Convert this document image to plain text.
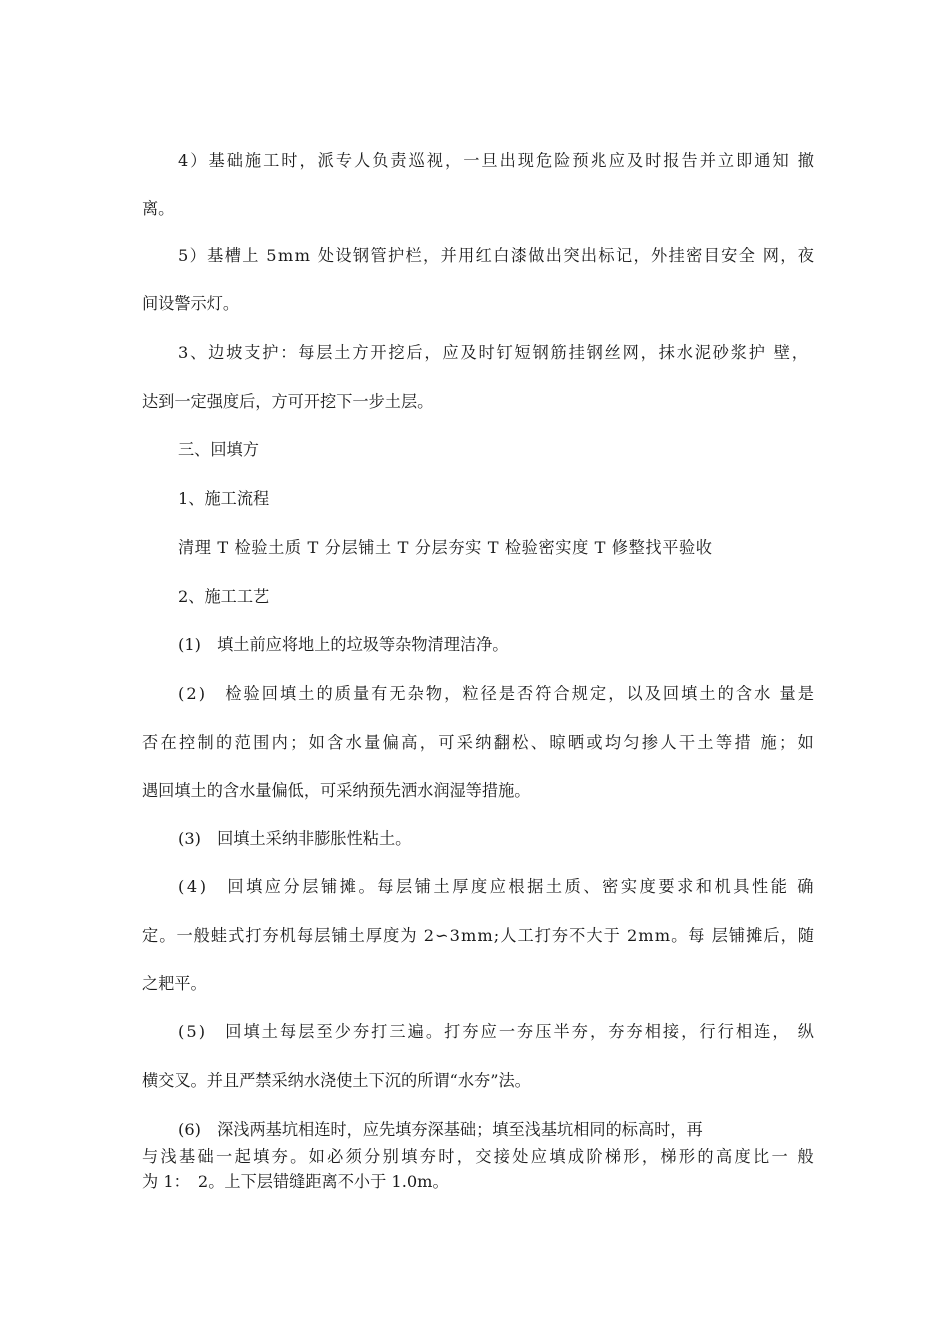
4）基础施工时，派专人负责巡视，一旦出现危险预兆应及时报告并立即通知 撤
离。
5）基槽上 5mm 处设钢管护栏，并用红白漆做出突出标记，外挂密目安全 网，夜
间设警示灯。
3、边坡支护：每层土方开挖后，应及时钉短钢筋挂钢丝网，抹水泥砂浆护 壁，
达到一定强度后，方可开挖下一步土层。
三、回填方
1、施工流程
清理 T 检验土质 T 分层铺土 T 分层夯实 T 检验密实度 T 修整找平验收
2、施工工艺
(1)　填土前应将地上的垃圾等杂物清理洁净。
(2)　检验回填土的质量有无杂物，粒径是否符合规定，以及回填土的含水 量是
否在控制的范围内；如含水量偏高，可采纳翻松、晾晒或均匀掺人干土等措 施；如
遇回填土的含水量偏低，可采纳预先洒水润湿等措施。
(3)　回填土采纳非膨胀性粘土。
(4)　回填应分层铺摊。每层铺土厚度应根据土质、密实度要求和机具性能 确
定。一般蛙式打夯机每层铺土厚度为 2∽3mm;人工打夯不大于 2mm。每 层铺摊后，随
之耙平。
(5)　回填土每层至少夯打三遍。打夯应一夯压半夯，夯夯相接，行行相连， 纵
横交叉。并且严禁采纳水浇使土下沉的所谓“水夯”法。
(6)　深浅两基坑相连时，应先填夯深基础；填至浅基坑相同的标高时，再
与浅基础一起填夯。如必须分别填夯时，交接处应填成阶梯形，梯形的高度比一 般
为 1：　2。上下层错缝距离不小于 1.0m。
